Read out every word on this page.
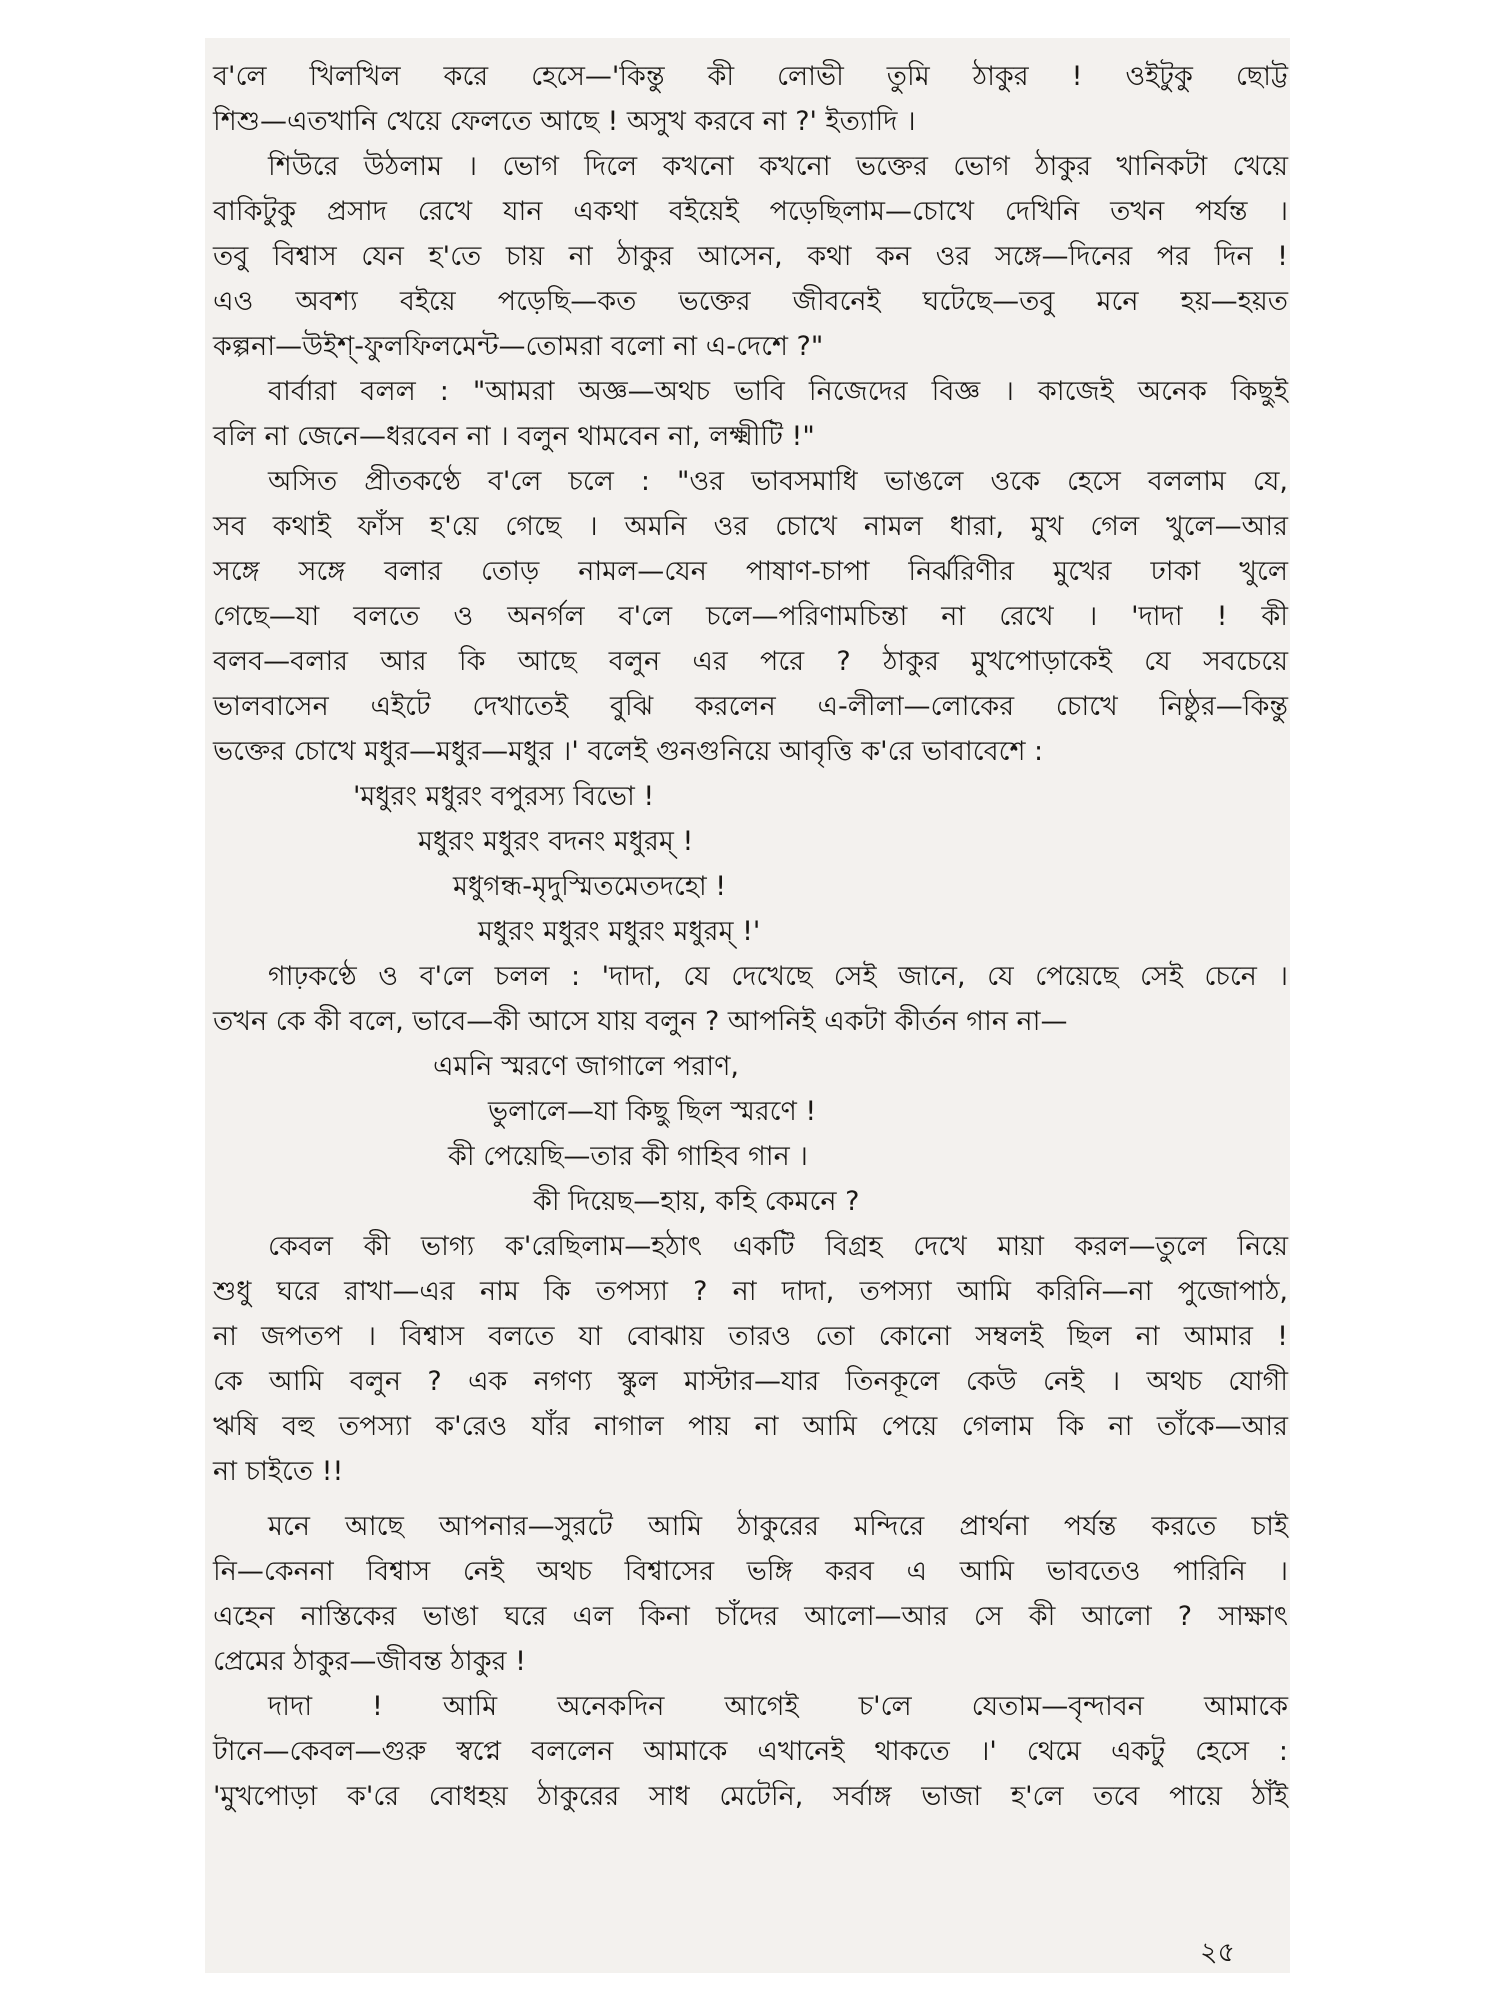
ব'লে খিলখিল করে হেসে—'কিন্তু কী লোভী তুমি ঠাকুর ! ওইটুকু ছোট্ট
শিশু—এতখানি খেয়ে ফেলতে আছে ! অসুখ করবে না ?' ইত্যাদি ।
শিউরে উঠলাম । ভোগ দিলে কখনো কখনো ভক্তের ভোগ ঠাকুর খানিকটা খেয়ে
বাকিটুকু প্রসাদ রেখে যান একথা বইয়েই পড়েছিলাম—চোখে দেখিনি তখন পর্যন্ত ।
তবু বিশ্বাস যেন হ'তে চায় না ঠাকুর আসেন, কথা কন ওর সঙ্গে—দিনের পর দিন !
এও অবশ্য বইয়ে পড়েছি—কত ভক্তের জীবনেই ঘটেছে—তবু মনে হয়—হয়ত
কল্পনা—উইশ্-ফুলফিলমেন্ট—তোমরা বলো না এ-দেশে ?"
বার্বারা বলল : "আমরা অজ্ঞ—অথচ ভাবি নিজেদের বিজ্ঞ । কাজেই অনেক কিছুই
বলি না জেনে—ধরবেন না । বলুন থামবেন না, লক্ষ্মীটি !"
অসিত প্রীতকণ্ঠে ব'লে চলে : "ওর ভাবসমাধি ভাঙলে ওকে হেসে বললাম যে,
সব কথাই ফাঁস হ'য়ে গেছে । অমনি ওর চোখে নামল ধারা, মুখ গেল খুলে—আর
সঙ্গে সঙ্গে বলার তোড় নামল—যেন পাষাণ-চাপা নির্ঝরিণীর মুখের ঢাকা খুলে
গেছে—যা বলতে ও অনর্গল ব'লে চলে—পরিণামচিন্তা না রেখে । 'দাদা ! কী
বলব—বলার আর কি আছে বলুন এর পরে ? ঠাকুর মুখপোড়াকেই যে সবচেয়ে
ভালবাসেন এইটে দেখাতেই বুঝি করলেন এ-লীলা—লোকের চোখে নিষ্ঠুর—কিন্তু
ভক্তের চোখে মধুর—মধুর—মধুর ।' বলেই গুনগুনিয়ে আবৃত্তি ক'রে ভাবাবেশে :
'মধুরং মধুরং বপুরস্য বিভো !
মধুরং মধুরং বদনং মধুরম্ !
মধুগন্ধ-মৃদুস্মিতমেতদহো !
মধুরং মধুরং মধুরং মধুরম্ !'
গাঢ়কণ্ঠে ও ব'লে চলল : 'দাদা, যে দেখেছে সেই জানে, যে পেয়েছে সেই চেনে ।
তখন কে কী বলে, ভাবে—কী আসে যায় বলুন ? আপনিই একটা কীর্তন গান না—
এমনি স্মরণে জাগালে পরাণ,
ভুলালে—যা কিছু ছিল স্মরণে !
কী পেয়েছি—তার কী গাহিব গান ।
কী দিয়েছ—হায়, কহি কেমনে ?
কেবল কী ভাগ্য ক'রেছিলাম—হঠাৎ একটি বিগ্রহ দেখে মায়া করল—তুলে নিয়ে
শুধু ঘরে রাখা—এর নাম কি তপস্যা ? না দাদা, তপস্যা আমি করিনি—না পুজোপাঠ,
না জপতপ । বিশ্বাস বলতে যা বোঝায় তারও তো কোনো সম্বলই ছিল না আমার !
কে আমি বলুন ? এক নগণ্য স্কুল মাস্টার—যার তিনকূলে কেউ নেই । অথচ যোগী
ঋষি বহু তপস্যা ক'রেও যাঁর নাগাল পায় না আমি পেয়ে গেলাম কি না তাঁকে—আর
না চাইতে !!
মনে আছে আপনার—সুরটে আমি ঠাকুরের মন্দিরে প্রার্থনা পর্যন্ত করতে চাই
নি—কেননা বিশ্বাস নেই অথচ বিশ্বাসের ভঙ্গি করব এ আমি ভাবতেও পারিনি ।
এহেন নাস্তিকের ভাঙা ঘরে এল কিনা চাঁদের আলো—আর সে কী আলো ? সাক্ষাৎ
প্রেমের ঠাকুর—জীবন্ত ঠাকুর !
দাদা ! আমি অনেকদিন আগেই চ'লে যেতাম—বৃন্দাবন আমাকে
টানে—কেবল—গুরু স্বপ্নে বললেন আমাকে এখানেই থাকতে ।' থেমে একটু হেসে :
'মুখপোড়া ক'রে বোধহয় ঠাকুরের সাধ মেটেনি, সর্বাঙ্গ ভাজা হ'লে তবে পায়ে ঠাঁই
২৫
